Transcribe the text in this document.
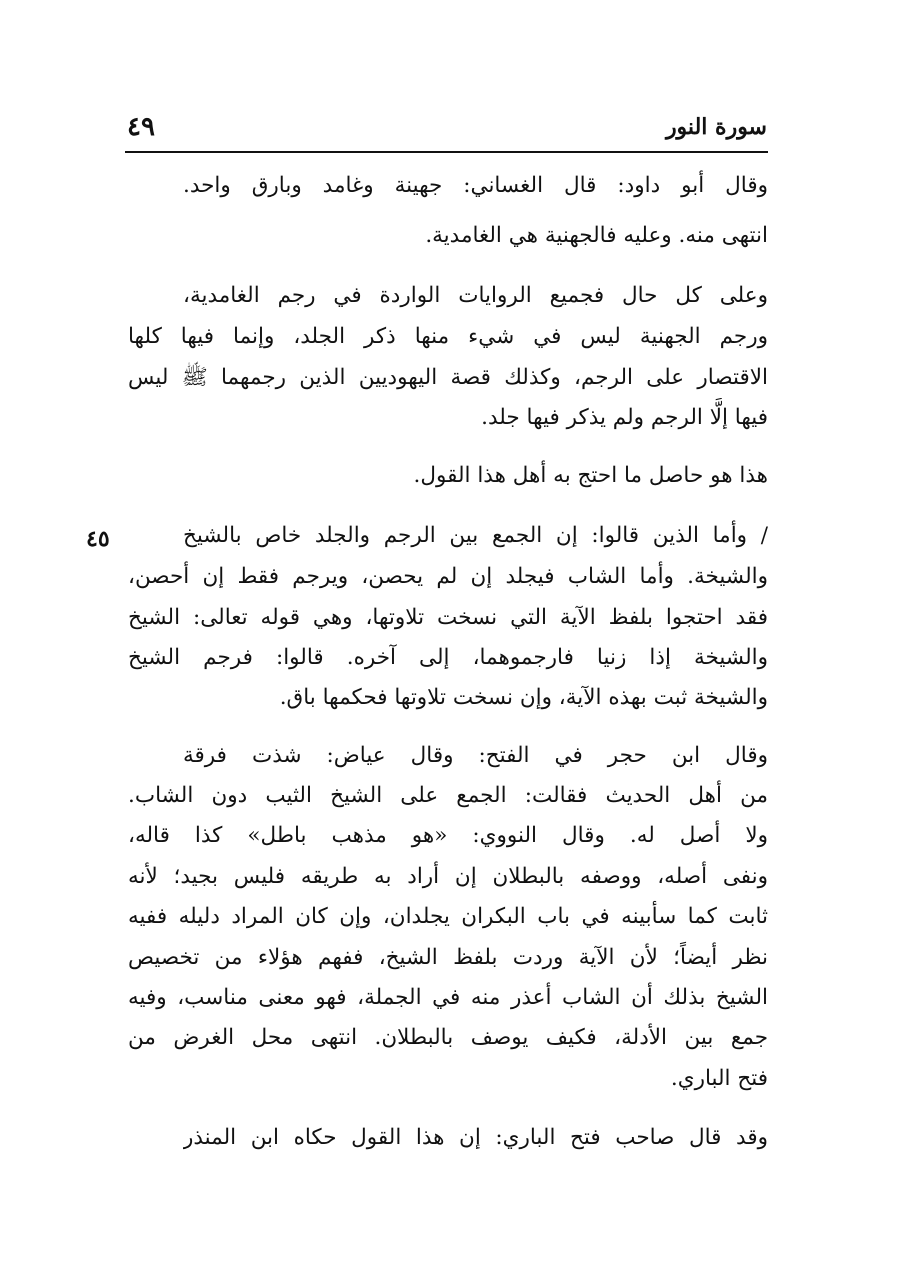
سورة النور
٤٩
٤٥
وقال أبو داود: قال الغساني: جهينة وغامد وبارق واحد.
انتهى منه. وعليه فالجهنية هي الغامدية.
وعلى كل حال فجميع الروايات الواردة في رجم الغامدية،
ورجم الجهنية ليس في شيء منها ذكر الجلد، وإنما فيها كلها
الاقتصار على الرجم، وكذلك قصة اليهوديين الذين رجمهما ﷺ ليس
فيها إلَّا الرجم ولم يذكر فيها جلد.
هذا هو حاصل ما احتج به أهل هذا القول.
/ وأما الذين قالوا: إن الجمع بين الرجم والجلد خاص بالشيخ
والشيخة. وأما الشاب فيجلد إن لم يحصن، ويرجم فقط إن أحصن،
فقد احتجوا بلفظ الآية التي نسخت تلاوتها، وهي قوله تعالى: الشيخ
والشيخة إذا زنيا فارجموهما، إلى آخره. قالوا: فرجم الشيخ
والشيخة ثبت بهذه الآية، وإن نسخت تلاوتها فحكمها باق.
وقال ابن حجر في الفتح: وقال عياض: شذت فرقة
من أهل الحديث فقالت: الجمع على الشيخ الثيب دون الشاب.
ولا أصل له. وقال النووي: «هو مذهب باطل» كذا قاله،
ونفى أصله، ووصفه بالبطلان إن أراد به طريقه فليس بجيد؛ لأنه
ثابت كما سأبينه في باب البكران يجلدان، وإن كان المراد دليله ففيه
نظر أيضاً؛ لأن الآية وردت بلفظ الشيخ، ففهم هؤلاء من تخصيص
الشيخ بذلك أن الشاب أعذر منه في الجملة، فهو معنى مناسب، وفيه
جمع بين الأدلة، فكيف يوصف بالبطلان. انتهى محل الغرض من
فتح الباري.
وقد قال صاحب فتح الباري: إن هذا القول حكاه ابن المنذر
